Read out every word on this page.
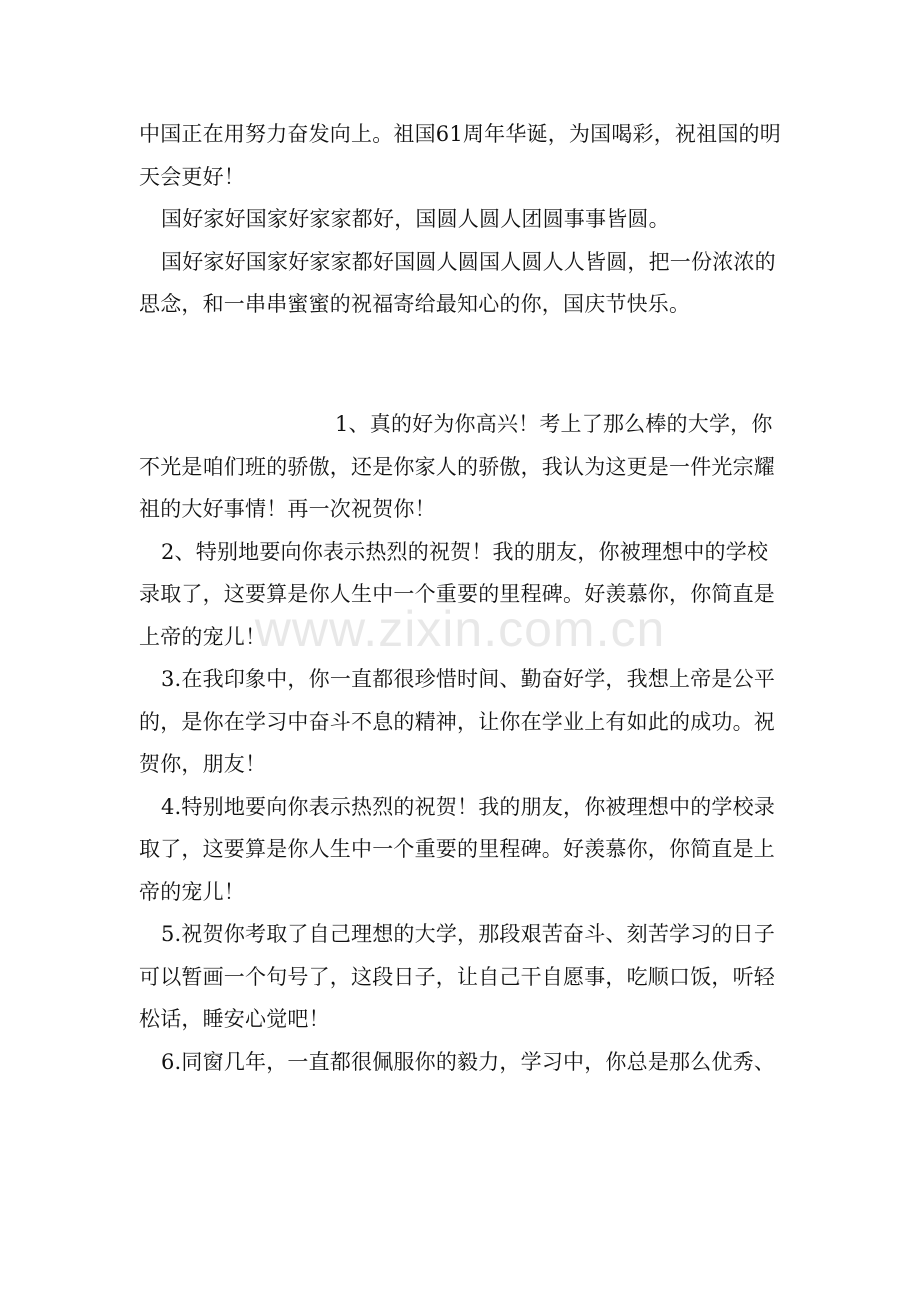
中国正在用努力奋发向上。祖国61周年华诞，为国喝彩，祝祖国的明天会更好！

国好家好国家好家家都好，国圆人圆人团圆事事皆圆。

国好家好国家好家家都好国圆人圆国人圆人人皆圆，把一份浓浓的思念，和一串串蜜蜜的祝福寄给最知心的你，国庆节快乐。

1、真的好为你高兴！考上了那么棒的大学，你不光是咱们班的骄傲，还是你家人的骄傲，我认为这更是一件光宗耀祖的大好事情！再一次祝贺你！

2、特别地要向你表示热烈的祝贺！我的朋友，你被理想中的学校录取了，这要算是你人生中一个重要的里程碑。好羡慕你，你简直是上帝的宠儿！

3.在我印象中，你一直都很珍惜时间、勤奋好学，我想上帝是公平的，是你在学习中奋斗不息的精神，让你在学业上有如此的成功。祝贺你，朋友！

4.特别地要向你表示热烈的祝贺！我的朋友，你被理想中的学校录取了，这要算是你人生中一个重要的里程碑。好羡慕你，你简直是上帝的宠儿！

5.祝贺你考取了自己理想的大学，那段艰苦奋斗、刻苦学习的日子可以暂画一个句号了，这段日子，让自己干自愿事，吃顺口饭，听轻松话，睡安心觉吧！

6.同窗几年，一直都很佩服你的毅力，学习中，你总是那么优秀、

www.zixin.com.cn
